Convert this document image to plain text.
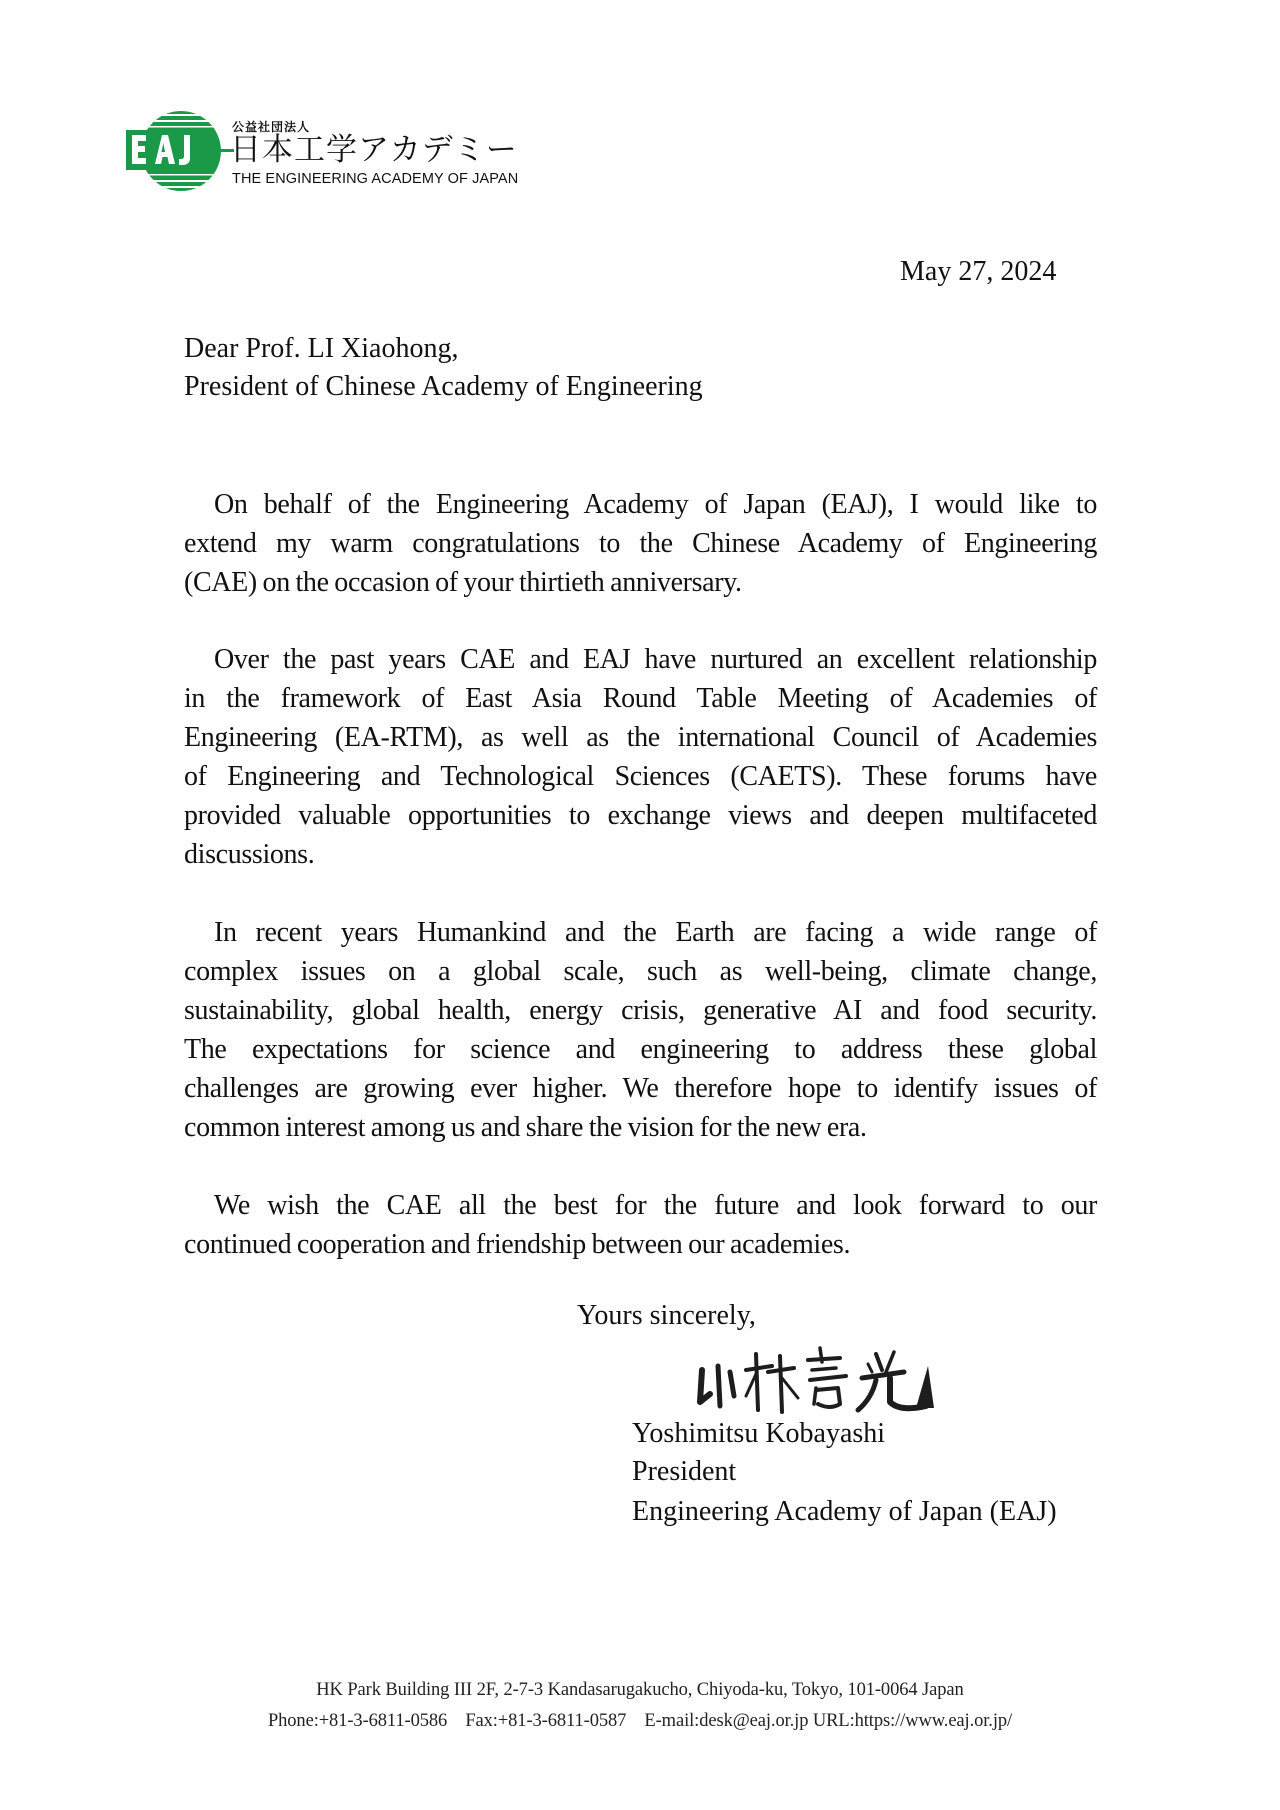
公益社団法人
日本工学アカデミー
THE ENGINEERING ACADEMY OF JAPAN
May 27, 2024
Dear Prof. LI Xiaohong,
President of Chinese Academy of Engineering
On behalf of the Engineering Academy of Japan (EAJ), I would like to
extend my warm congratulations to the Chinese Academy of Engineering
(CAE) on the occasion of your thirtieth anniversary.
Over the past years CAE and EAJ have nurtured an excellent relationship
in the framework of East Asia Round Table Meeting of Academies of
Engineering (EA-RTM), as well as the international Council of Academies
of Engineering and Technological Sciences (CAETS). These forums have
provided valuable opportunities to exchange views and deepen multifaceted
discussions.
In recent years Humankind and the Earth are facing a wide range of
complex issues on a global scale, such as well-being, climate change,
sustainability, global health, energy crisis, generative AI and food security.
The expectations for science and engineering to address these global
challenges are growing ever higher. We therefore hope to identify issues of
common interest among us and share the vision for the new era.
We wish the CAE all the best for the future and look forward to our
continued cooperation and friendship between our academies.
Yours sincerely,
Yoshimitsu Kobayashi
President
Engineering Academy of Japan (EAJ)
HK Park Building III 2F, 2-7-3 Kandasarugakucho, Chiyoda-ku, Tokyo, 101-0064 Japan
Phone:+81-3-6811-0586 Fax:+81-3-6811-0587 E-mail:desk@eaj.or.jp URL:https://www.eaj.or.jp/
